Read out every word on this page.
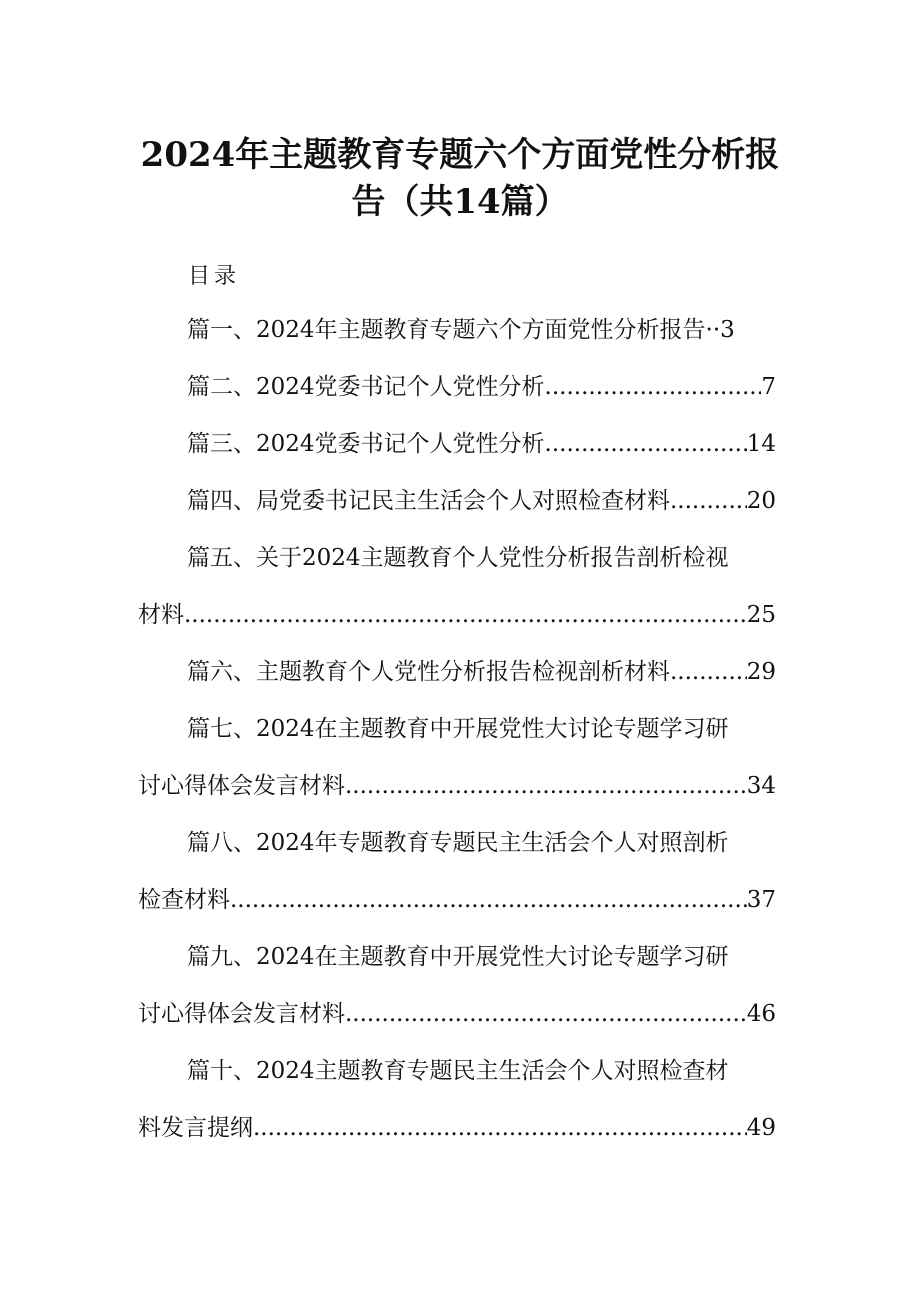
2024年主题教育专题六个方面党性分析报
告（共14篇）
目录
篇一、2024年主题教育专题六个方面党性分析报告·· 3
篇二、2024党委书记个人党性分析 .....	7
篇三、2024党委书记个人党性分析 .....	14
篇四、局党委书记民主生活会个人对照检查材料 .....	20
篇五、关于2024主题教育个人党性分析报告剖析检视
材料 .....	25
篇六、主题教育个人党性分析报告检视剖析材料 .....	29
篇七、2024在主题教育中开展党性大讨论专题学习研
讨心得体会发言材料 .....	34
篇八、2024年专题教育专题民主生活会个人对照剖析
检查材料 .....	37
篇九、2024在主题教育中开展党性大讨论专题学习研
讨心得体会发言材料 .....	46
篇十、2024主题教育专题民主生活会个人对照检查材
料发言提纲 .....	49
